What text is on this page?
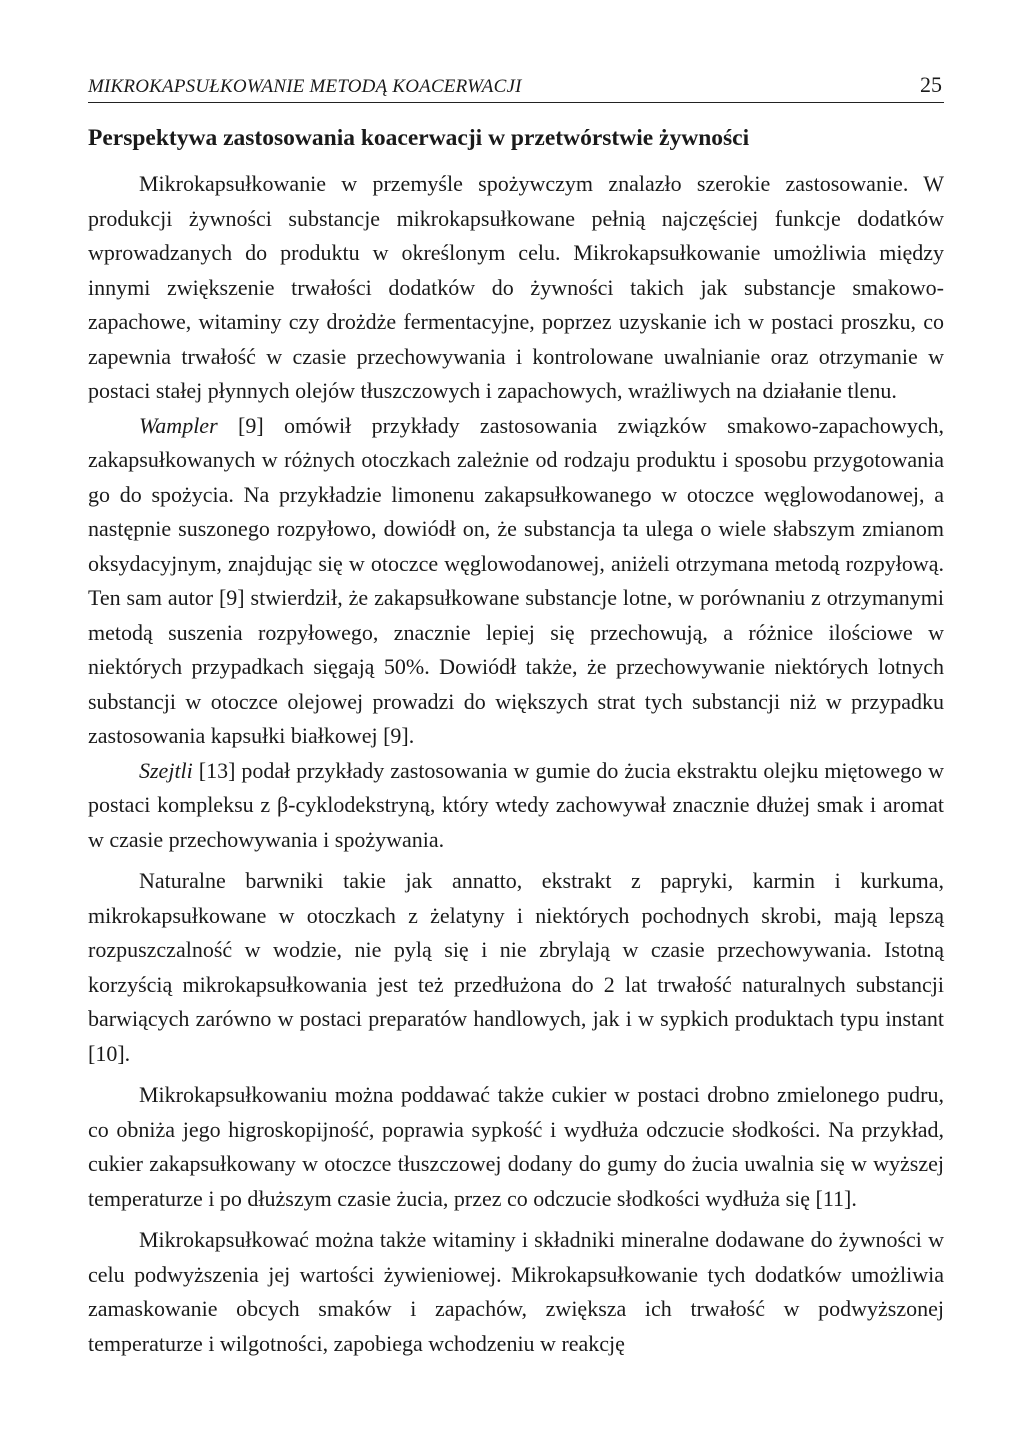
MIKROKAPSUŁKOWANIE METODĄ KOACERWACJI	25
Perspektywa zastosowania koacerwacji w przetwórstwie żywności

Mikrokapsułkowanie w przemyśle spożywczym znalazło szerokie zastosowanie. W produkcji żywności substancje mikrokapsułkowane pełnią najczęściej funkcje dodatków wprowadzanych do produktu w określonym celu. Mikrokapsułkowanie umożliwia między innymi zwiększenie trwałości dodatków do żywności takich jak substancje smakowo-zapachowe, witaminy czy drożdże fermentacyjne, poprzez uzyskanie ich w postaci proszku, co zapewnia trwałość w czasie przechowywania i kontrolowane uwalnianie oraz otrzymanie w postaci stałej płynnych olejów tłuszczowych i zapachowych, wrażliwych na działanie tlenu.

Wampler [9] omówił przykłady zastosowania związków smakowo-zapachowych, zakapsułkowanych w różnych otoczkach zależnie od rodzaju produktu i sposobu przygotowania go do spożycia. Na przykładzie limonenu zakapsułkowanego w otoczce węglowodanowej, a następnie suszonego rozpyłowo, dowiódł on, że substancja ta ulega o wiele słabszym zmianom oksydacyjnym, znajdując się w otoczce węglowodanowej, aniżeli otrzymana metodą rozpyłową. Ten sam autor [9] stwierdził, że zakapsułkowane substancje lotne, w porównaniu z otrzymanymi metodą suszenia rozpyłowego, znacznie lepiej się przechowują, a różnice ilościowe w niektórych przypadkach sięgają 50%. Dowiódł także, że przechowywanie niektórych lotnych substancji w otoczce olejowej prowadzi do większych strat tych substancji niż w przypadku zastosowania kapsułki białkowej [9].

Szejtli [13] podał przykłady zastosowania w gumie do żucia ekstraktu olejku miętowego w postaci kompleksu z β-cyklodekstryną, który wtedy zachowywał znacznie dłużej smak i aromat w czasie przechowywania i spożywania.

Naturalne barwniki takie jak annatto, ekstrakt z papryki, karmin i kurkuma, mikrokapsułkowane w otoczkach z żelatyny i niektórych pochodnych skrobi, mają lepszą rozpuszczalność w wodzie, nie pylą się i nie zbrylają w czasie przechowywania. Istotną korzyścią mikrokapsułkowania jest też przedłużona do 2 lat trwałość naturalnych substancji barwiących zarówno w postaci preparatów handlowych, jak i w sypkich produktach typu instant [10].

Mikrokapsułkowaniu można poddawać także cukier w postaci drobno zmielonego pudru, co obniża jego higroskopijność, poprawia sypkość i wydłuża odczucie słodkości. Na przykład, cukier zakapsułkowany w otoczce tłuszczowej dodany do gumy do żucia uwalnia się w wyższej temperaturze i po dłuższym czasie żucia, przez co odczucie słodkości wydłuża się [11].

Mikrokapsułkować można także witaminy i składniki mineralne dodawane do żywności w celu podwyższenia jej wartości żywieniowej. Mikrokapsułkowanie tych dodatków umożliwia zamaskowanie obcych smaków i zapachów, zwiększa ich trwałość w podwyższonej temperaturze i wilgotności, zapobiega wchodzeniu w reakcję
